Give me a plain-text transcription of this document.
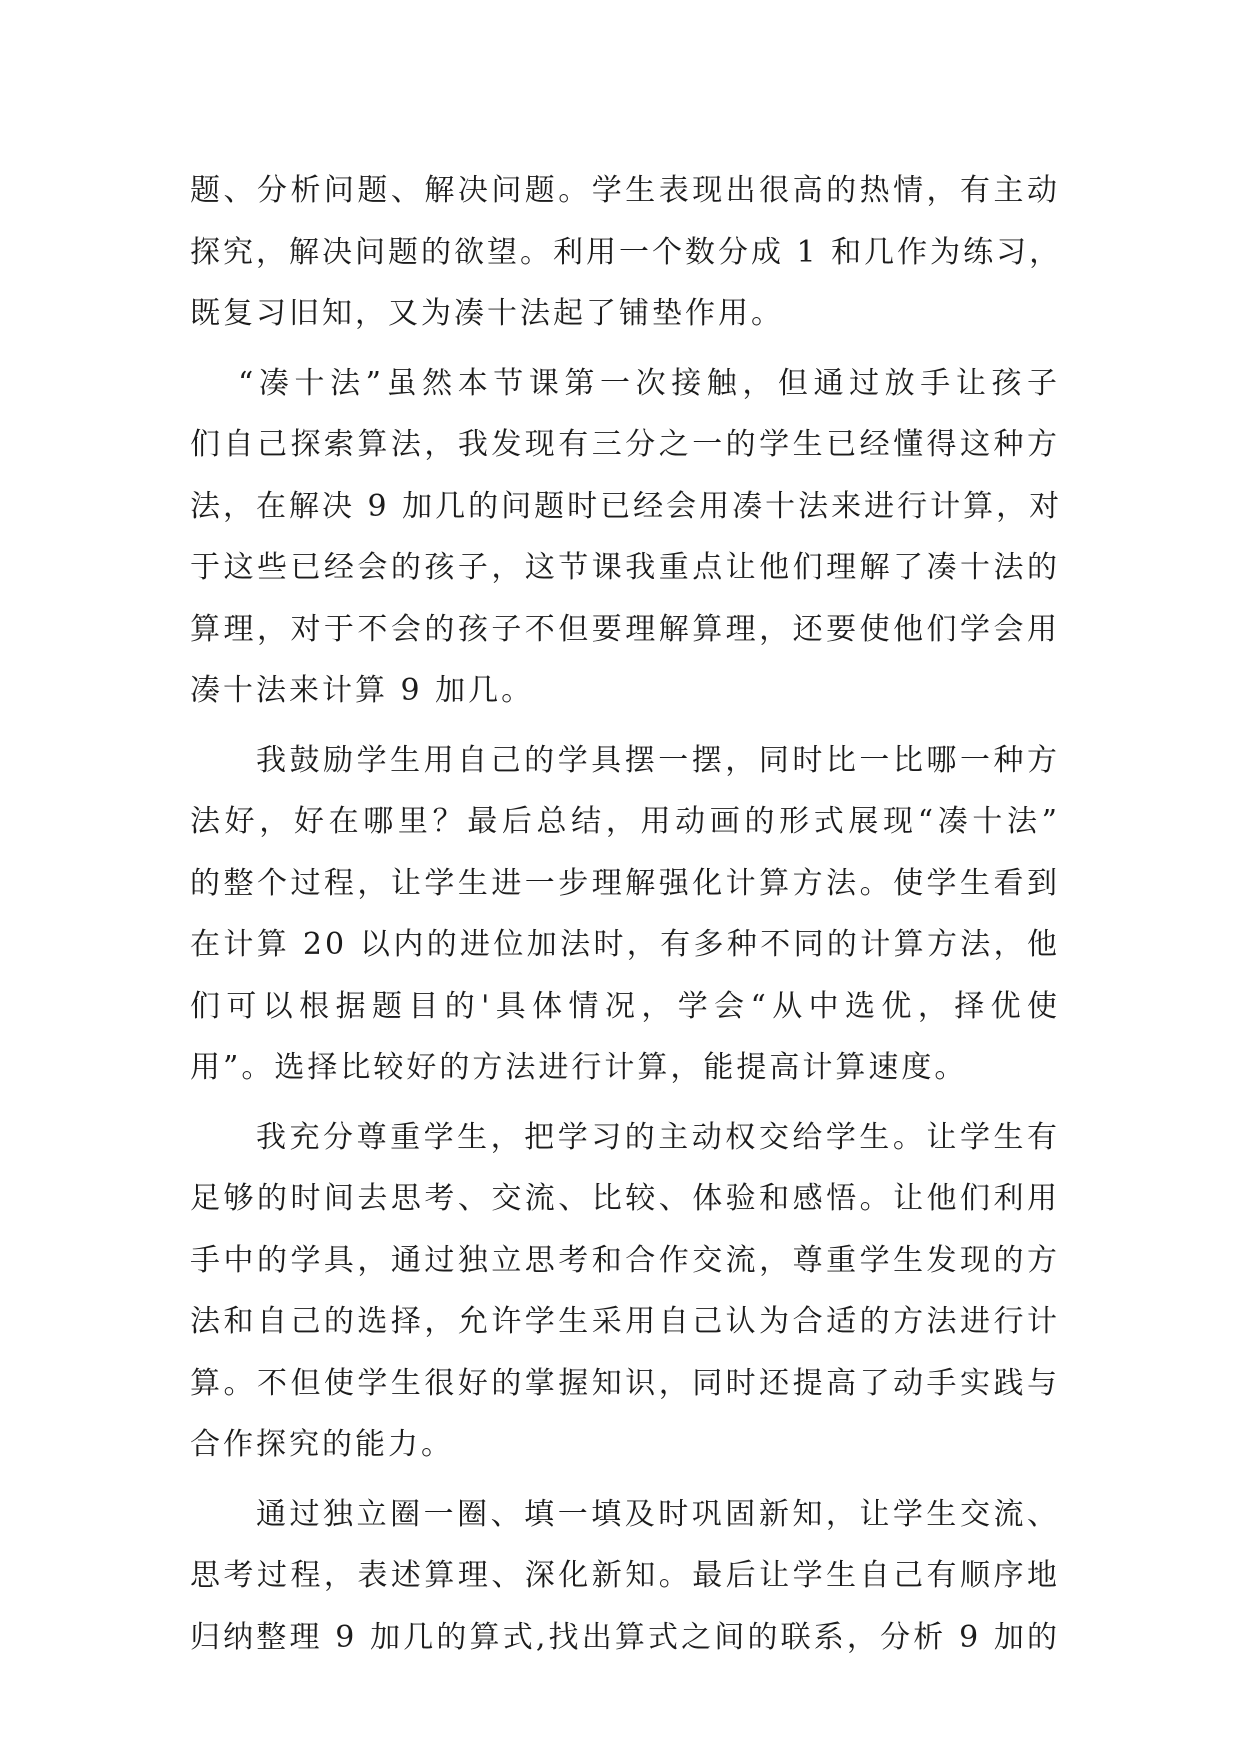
题、分析问题、解决问题。学生表现出很高的热情，有主动
探究，解决问题的欲望。利用一个数分成 1 和几作为练习，
既复习旧知，又为凑十法起了铺垫作用。
“凑十法”虽然本节课第一次接触，但通过放手让孩子
们自己探索算法，我发现有三分之一的学生已经懂得这种方
法，在解决 9 加几的问题时已经会用凑十法来进行计算，对
于这些已经会的孩子，这节课我重点让他们理解了凑十法的
算理，对于不会的孩子不但要理解算理，还要使他们学会用
凑十法来计算 9 加几。
我鼓励学生用自己的学具摆一摆，同时比一比哪一种方
法好，好在哪里？最后总结，用动画的形式展现“凑十法”
的整个过程，让学生进一步理解强化计算方法。使学生看到
在计算 20 以内的进位加法时，有多种不同的计算方法，他
们可以根据题目的'具体情况，学会“从中选优，择优使
用”。选择比较好的方法进行计算，能提高计算速度。
我充分尊重学生，把学习的主动权交给学生。让学生有
足够的时间去思考、交流、比较、体验和感悟。让他们利用
手中的学具，通过独立思考和合作交流，尊重学生发现的方
法和自己的选择，允许学生采用自己认为合适的方法进行计
算。不但使学生很好的掌握知识，同时还提高了动手实践与
合作探究的能力。
通过独立圈一圈、填一填及时巩固新知，让学生交流、
思考过程，表述算理、深化新知。最后让学生自己有顺序地
归纳整理 9 加几的算式,找出算式之间的联系，分析 9 加的
